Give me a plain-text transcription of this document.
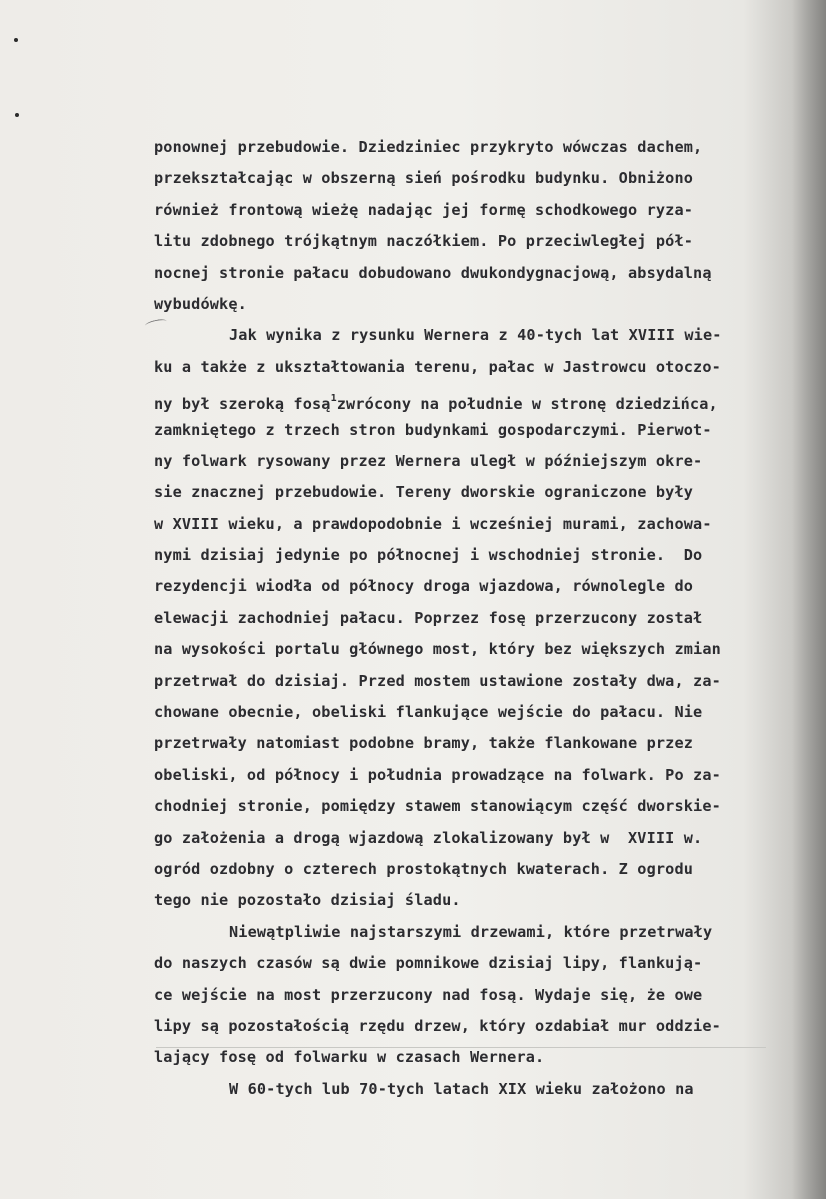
ponownej przebudowie. Dziedziniec przykryto wówczas dachem,
przekształcając w obszerną sień pośrodku budynku. Obniżono
również frontową wieżę nadając jej formę schodkowego ryza-
litu zdobnego trójkątnym naczółkiem. Po przeciwległej pół-
nocnej stronie pałacu dobudowano dwukondygnacjową, absydalną
wybudówkę.
Jak wynika z rysunku Wernera z 40-tych lat XVIII wie-
ku a także z ukształtowania terenu, pałac w Jastrowcu otoczo-
ny był szeroką fosą$^1$zwrócony na południe w stronę dziedzińca,
zamkniętego z trzech stron budynkami gospodarczymi. Pierwot-
ny folwark rysowany przez Wernera uległ w późniejszym okre-
sie znacznej przebudowie. Tereny dworskie ograniczone były
w XVIII wieku, a prawdopodobnie i wcześniej murami, zachowa-
nymi dzisiaj jedynie po północnej i wschodniej stronie.  Do
rezydencji wiodła od północy droga wjazdowa, równolegle do
elewacji zachodniej pałacu. Poprzez fosę przerzucony został
na wysokości portalu głównego most, który bez większych zmian
przetrwał do dzisiaj. Przed mostem ustawione zostały dwa, za-
chowane obecnie, obeliski flankujące wejście do pałacu. Nie
przetrwały natomiast podobne bramy, także flankowane przez
obeliski, od północy i południa prowadzące na folwark. Po za-
chodniej stronie, pomiędzy stawem stanowiącym część dworskie-
go założenia a drogą wjazdową zlokalizowany był w  XVIII w.
ogród ozdobny o czterech prostokątnych kwaterach. Z ogrodu
tego nie pozostało dzisiaj śladu.
Niewątpliwie najstarszymi drzewami, które przetrwały
do naszych czasów są dwie pomnikowe dzisiaj lipy, flankują-
ce wejście na most przerzucony nad fosą. Wydaje się, że owe
lipy są pozostałością rzędu drzew, który ozdabiał mur oddzie-
lający fosę od folwarku w czasach Wernera.
W 60-tych lub 70-tych latach XIX wieku założono na
